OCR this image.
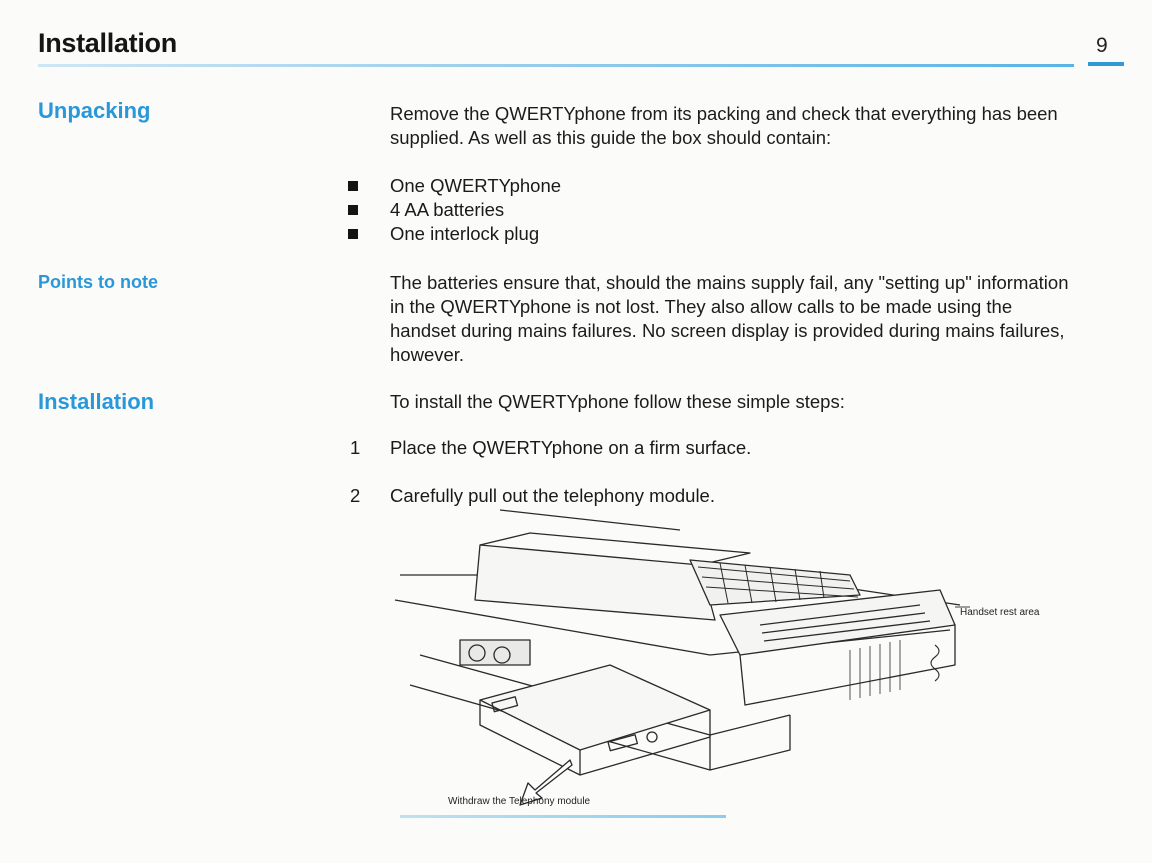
Installation	9
Unpacking	Remove the QWERTYphone from its packing and check that everything has been supplied. As well as this guide the box should contain:

One QWERTYphone
4 AA batteries
One interlock plug
Points to note	The batteries ensure that, should the mains supply fail, any "setting up" information in the QWERTYphone is not lost. They also allow calls to be made using the handset during mains failures. No screen display is provided during mains failures, however.

Installation	To install the QWERTYphone follow these simple steps:

1 Place the QWERTYphone on a firm surface.
2 Carefully pull out the telephony module.
Handset rest area
Withdraw the Telephony module
